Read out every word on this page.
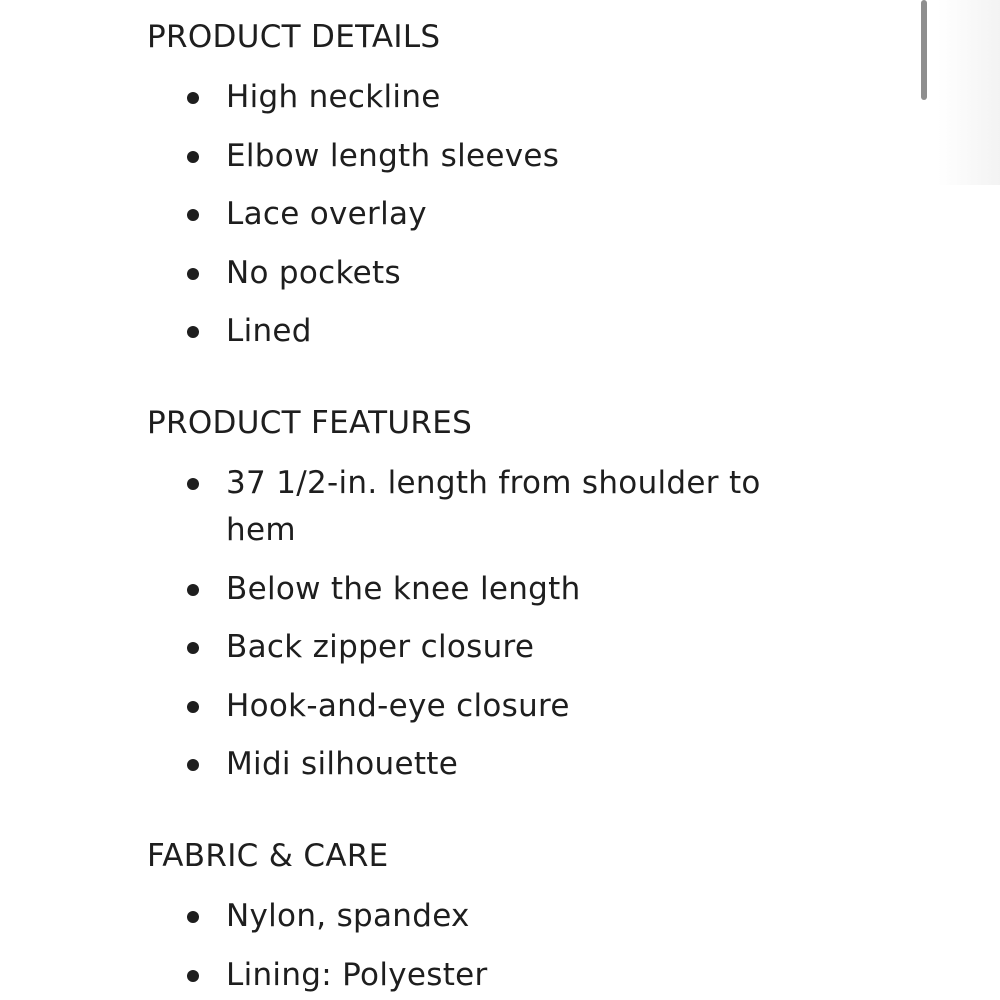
PRODUCT DETAILS
High neckline
Elbow length sleeves
Lace overlay
No pockets
Lined
PRODUCT FEATURES
37 1/2-in. length from shoulder to hem
Below the knee length
Back zipper closure
Hook-and-eye closure
Midi silhouette
FABRIC & CARE
Nylon, spandex
Lining: Polyester
